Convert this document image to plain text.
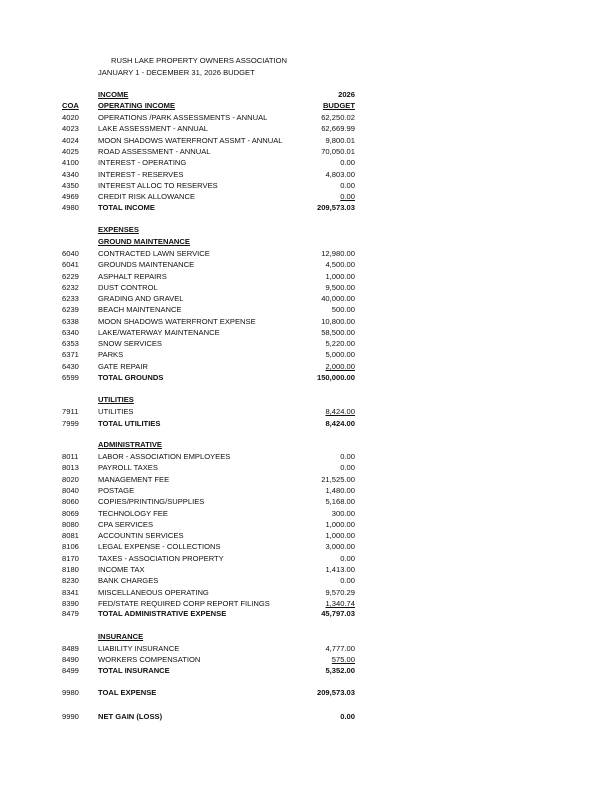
RUSH LAKE PROPERTY OWNERS ASSOCIATION
JANUARY 1 - DECEMBER 31, 2026 BUDGET
INCOME	2026
COA	OPERATING INCOME	BUDGET
4020	OPERATIONS /PARK ASSESSMENTS - ANNUAL	62,250.02
4023	LAKE ASSESSMENT - ANNUAL	62,669.99
4024	MOON SHADOWS WATERFRONT ASSMT - ANNUAL	9,800.01
4025	ROAD ASSESSMENT - ANNUAL	70,050.01
4100	INTEREST - OPERATING	0.00
4340	INTEREST - RESERVES	4,803.00
4350	INTEREST ALLOC TO RESERVES	0.00
4969	CREDIT RISK ALLOWANCE	0.00
4980	TOTAL INCOME	209,573.03
6040	CONTRACTED LAWN SERVICE	12,980.00
6041	GROUNDS MAINTENANCE	4,500.00
6229	ASPHALT REPAIRS	1,000.00
6232	DUST CONTROL	9,500.00
6233	GRADING AND GRAVEL	40,000.00
6239	BEACH MAINTENANCE	500.00
6338	MOON SHADOWS WATERFRONT EXPENSE	10,800.00
6340	LAKE/WATERWAY MAINTENANCE	58,500.00
6353	SNOW SERVICES	5,220.00
6371	PARKS	5,000.00
6430	GATE REPAIR	2,000.00
6599	TOTAL GROUNDS	150,000.00
7911	UTILITIES	8,424.00
7999	TOTAL UTILITIES	8,424.00
8011	LABOR - ASSOCIATION EMPLOYEES	0.00
8013	PAYROLL TAXES	0.00
8020	MANAGEMENT FEE	21,525.00
8040	POSTAGE	1,480.00
8060	COPIES/PRINTING/SUPPLIES	5,168.00
8069	TECHNOLOGY FEE	300.00
8080	CPA SERVICES	1,000.00
8081	ACCOUNTIN SERVICES	1,000.00
8106	LEGAL EXPENSE - COLLECTIONS	3,000.00
8170	TAXES - ASSOCIATION PROPERTY	0.00
8180	INCOME TAX	1,413.00
8230	BANK CHARGES	0.00
8341	MISCELLANEOUS OPERATING	9,570.29
8390	FED/STATE REQUIRED CORP REPORT FILINGS	1,340.74
8479	TOTAL ADMINISTRATIVE EXPENSE	45,797.03
8489	LIABILITY INSURANCE	4,777.00
8490	WORKERS COMPENSATION	575.00
8499	TOTAL INSURANCE	5,352.00
EXPENSES
GROUND MAINTENANCE
UTILITIES
ADMINISTRATIVE
INSURANCE
9980	TOAL EXPENSE	209,573.03
9990	NET GAIN (LOSS)	0.00
